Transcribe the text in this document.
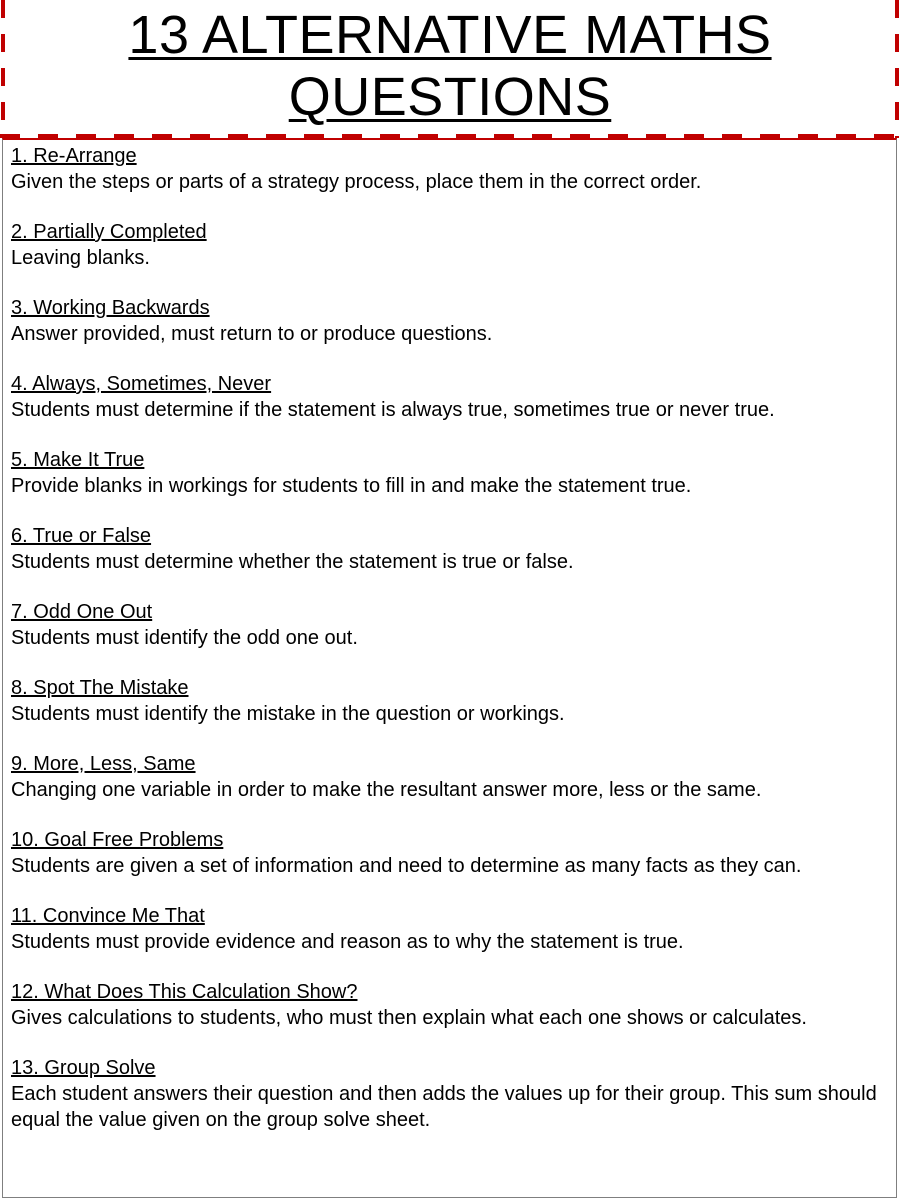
13 ALTERNATIVE MATHS
QUESTIONS
1. Re-Arrange
Given the steps or parts of a strategy process, place them in the correct order.
2. Partially Completed
Leaving blanks.
3. Working Backwards
Answer provided, must return to or produce questions.
4. Always, Sometimes, Never
Students must determine if the statement is always true, sometimes true or never true.
5. Make It True
Provide blanks in workings for students to fill in and make the statement true.
6. True or False
Students must determine whether the statement is true or false.
7. Odd One Out
Students must identify the odd one out.
8. Spot The Mistake
Students must identify the mistake in the question or workings.
9. More, Less, Same
Changing one variable in order to make the resultant answer more, less or the same.
10. Goal Free Problems
Students are given a set of information and need to determine as many facts as they can.
11. Convince Me That
Students must provide evidence and reason as to why the statement is true.
12. What Does This Calculation Show?
Gives calculations to students, who must then explain what each one shows or calculates.
13. Group Solve
Each student answers their question and then adds the values up for their group. This sum should equal the value given on the group solve sheet.
